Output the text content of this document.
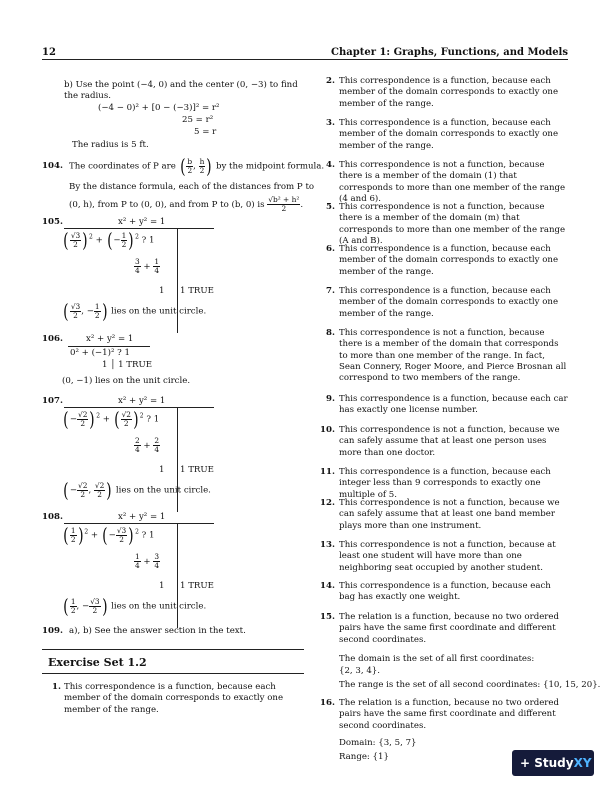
12	Chapter 1: Graphs, Functions, and Models
b) Use the point (−4, 0) and the center (0, −3) to find the radius.
(−4 − 0)² + [0 − (−3)]² = r²
25 = r²
5 = r
The radius is 5 ft.
104. The coordinates of P are ( $\frac{b}{2}$ , $\frac{h}{2}$ ) by the midpoint formula.
By the distance formula, each of the distances from P to
(0, h), from P to (0, 0), and from P to (b, 0) is $\frac{\text{√b² + h²}}{2}$ .
105.	x² + y² = 1
( $\frac{√3}{2} )^2$ + (− $\frac{1}{2} )^2$ ? 1
$\frac{3}{4} + \frac{1}{4}$
1 1 TRUE
( $\frac{√3}{2}$ , − $\frac{1}{2}$ ) lies on the unit circle.
106.	x² + y² = 1
0² + (−1)² ? 1
1 │ 1 TRUE
(0, −1) lies on the unit circle.
107.	x² + y² = 1
(− $\frac{√2}{2} )^2$ + ( $\frac{√2}{2} )^2$ ? 1
$\frac{2}{4} + \frac{2}{4}$
1 1 TRUE
(− $\frac{√2}{2}$ , $\frac{√2}{2}$ ) lies on the unit circle.
108.	x² + y² = 1
( $\frac{1}{2} )^2$ + (− $\frac{√3}{2} )^2$ ? 1
$\frac{1}{4} + \frac{3}{4}$
1 1 TRUE
( $\frac{1}{2}$ , − $\frac{√3}{2}$ ) lies on the unit circle.
109. a), b) See the answer section in the text.
Exercise Set 1.2
1. This correspondence is a function, because each member of the domain corresponds to exactly one member of the range.
2. This correspondence is a function, because each member of the domain corresponds to exactly one member of the range.
3. This correspondence is a function, because each member of the domain corresponds to exactly one member of the range.
4. This correspondence is not a function, because there is a member of the domain (1) that corresponds to more than one member of the range (4 and 6).
5. This correspondence is not a function, because there is a member of the domain (m) that corresponds to more than one member of the range (A and B).
6. This correspondence is a function, because each member of the domain corresponds to exactly one member of the range.
7. This correspondence is a function, because each member of the domain corresponds to exactly one member of the range.
8. This correspondence is not a function, because there is a member of the domain that corresponds to more than one member of the range. In fact, Sean Connery, Roger Moore, and Pierce Brosnan all correspond to two members of the range.
9. This correspondence is a function, because each car has exactly one license number.
10. This correspondence is not a function, because we can safely assume that at least one person uses more than one doctor.
11. This correspondence is a function, because each integer less than 9 corresponds to exactly one multiple of 5.
12. This correspondence is not a function, because we can safely assume that at least one band member plays more than one instrument.
13. This correspondence is not a function, because at least one student will have more than one neighboring seat occupied by another student.
14. This correspondence is a function, because each bag has exactly one weight.
15. The relation is a function, because no two ordered pairs have the same first coordinate and different second coordinates.
The domain is the set of all first coordinates:
{2, 3, 4}.
The range is the set of all second coordinates: {10, 15, 20}.
16. The relation is a function, because no two ordered pairs have the same first coordinate and different second coordinates.
Domain: {3, 5, 7}
Range: {1}	+ StudyXY
